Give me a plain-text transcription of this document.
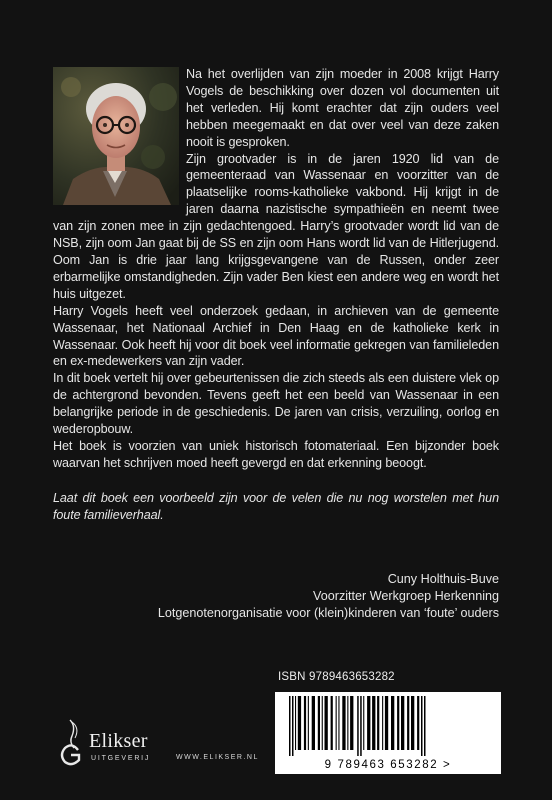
Na het overlijden van zijn moeder in 2008 krijgt Harry Vogels de beschikking over dozen vol documenten uit het verleden. Hij komt erachter dat zijn ouders veel hebben meegemaakt en dat over veel van deze zaken nooit is gesproken.

Zijn grootvader is in de jaren 1920 lid van de gemeenteraad van Wassenaar en voorzitter van de plaatselijke rooms-katholieke vakbond. Hij krijgt in de jaren daarna nazistische sympathieën en neemt twee van zijn zonen mee in zijn gedachtengoed. Harry’s grootvader wordt lid van de NSB, zijn oom Jan gaat bij de SS en zijn oom Hans wordt lid van de Hitlerjugend. Oom Jan is drie jaar lang krijgsgevangene van de Russen, onder zeer erbarmelijke omstandigheden. Zijn vader Ben kiest een andere weg en wordt het huis uitgezet.

Harry Vogels heeft veel onderzoek gedaan, in archieven van de gemeente Wassenaar, het Nationaal Archief in Den Haag en de katholieke kerk in Wassenaar. Ook heeft hij voor dit boek veel informatie gekregen van familieleden en ex-medewerkers van zijn vader.

In dit boek vertelt hij over gebeurtenissen die zich steeds als een duistere vlek op de achtergrond bevonden. Tevens geeft het een beeld van Wassenaar in een belangrijke periode in de geschiedenis. De jaren van crisis, verzuiling, oorlog en wederopbouw.

Het boek is voorzien van uniek historisch fotomateriaal. Een bijzonder boek waarvan het schrijven moed heeft gevergd en dat erkenning beoogt.

Laat dit boek een voorbeeld zijn voor de velen die nu nog worstelen met hun foute familieverhaal.

Cuny Holthuis-Buve
Voorzitter Werkgroep Herkenning
Lotgenotenorganisatie voor (klein)kinderen van ‘foute’ ouders
Elikser
UITGEVERIJ	WWW.ELIKSER.NL
ISBN 9789463653282
9 789463 653282 >
